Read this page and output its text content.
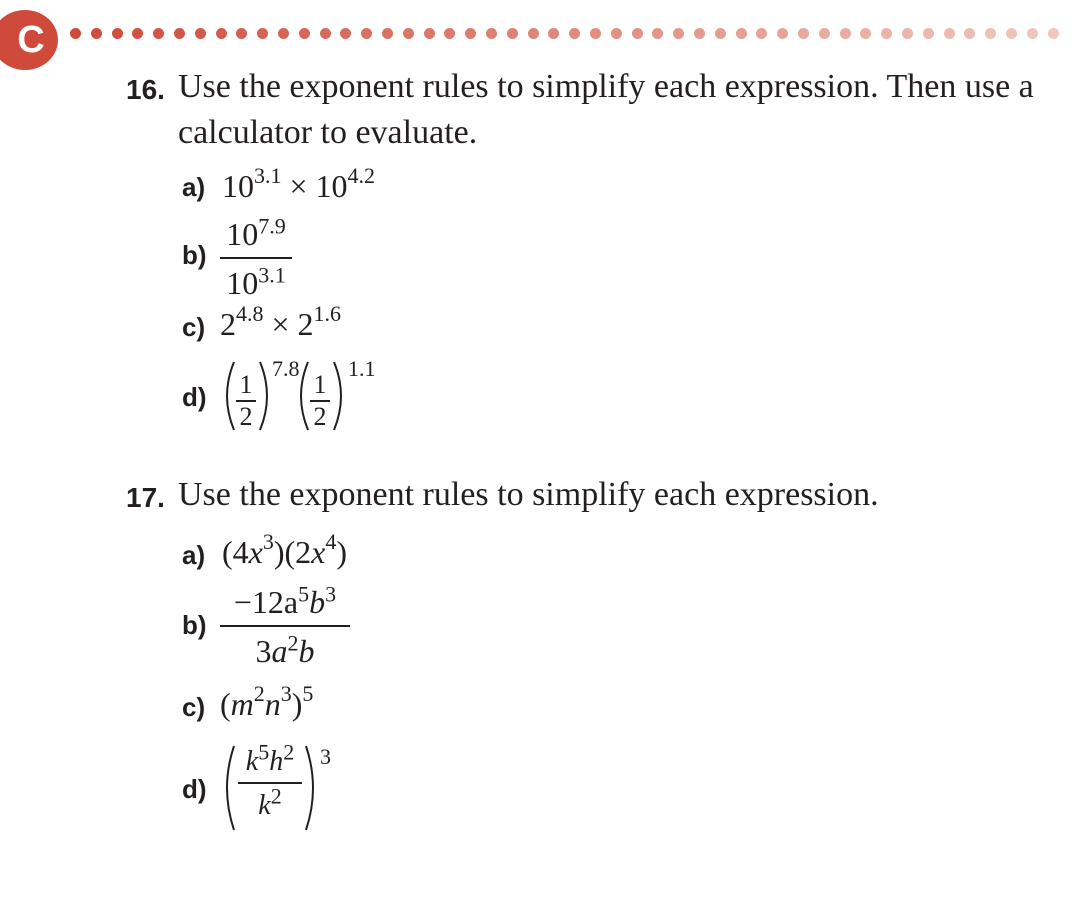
C
16. Use the exponent rules to simplify each expression. Then use a
calculator to evaluate.
a) $10^{3.1} \times 10^{4.2}$
b)
$10^{7.9}$
$10^{3.1}$
c) $2^{4.8} \times 2^{1.6}$
d) 1
2
7.8
1
2
1.1
17. Use the exponent rules to simplify each expression.
a) $(4x^3)(2x^4)$
b)
$-12a^5b^3$
$3a^2b$
c) $(m^2n^3)^5$
d)
$k^5h^2$
$k^2$
3
